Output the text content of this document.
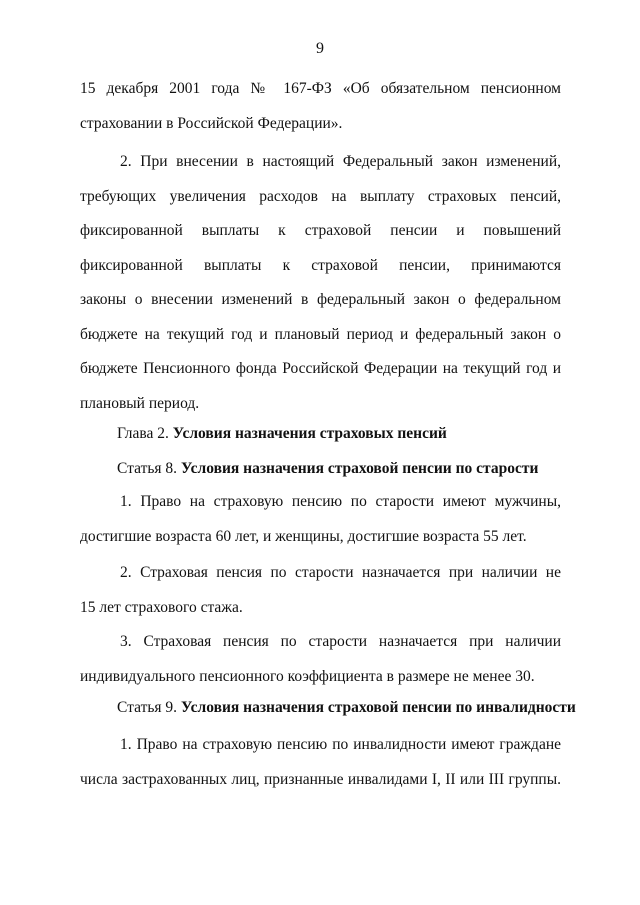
9
15 декабря 2001 года № 167-ФЗ «Об обязательном пенсионном
страховании в Российской Федерации».
2. При внесении в настоящий Федеральный закон изменений,
требующих увеличения расходов на выплату страховых пенсий,
фиксированной выплаты к страховой пенсии и повышений
фиксированной выплаты к страховой пенсии, принимаются
законы о внесении изменений в федеральный закон о федеральном
бюджете на текущий год и плановый период и федеральный закон о
бюджете Пенсионного фонда Российской Федерации на текущий год и
плановый период.
Глава 2. Условия назначения страховых пенсий
Статья 8. Условия назначения страховой пенсии по старости
1. Право на страховую пенсию по старости имеют мужчины,
достигшие возраста 60 лет, и женщины, достигшие возраста 55 лет.
2. Страховая пенсия по старости назначается при наличии не
15 лет страхового стажа.
3. Страховая пенсия по старости назначается при наличии
индивидуального пенсионного коэффициента в размере не менее 30.
Статья 9. Условия назначения страховой пенсии по инвалидности
1. Право на страховую пенсию по инвалидности имеют граждане
числа застрахованных лиц, признанные инвалидами I, II или III группы.
